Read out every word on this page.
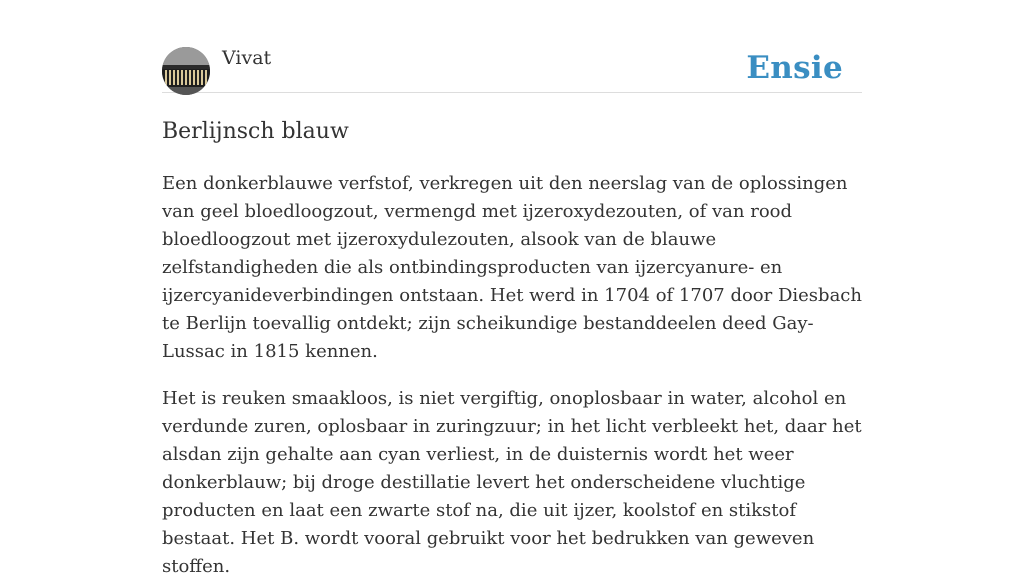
Vivat	Ensie
Berlijnsch blauw

Een donkerblauwe verfstof, verkregen uit den neerslag van de oplossingen van geel bloedloogzout, vermengd met ijzeroxydezouten, of van rood bloedloogzout met ijzeroxydulezouten, alsook van de blauwe zelfstandigheden die als ontbindingsproducten van ijzercyanure- en ijzercyanideverbindingen ontstaan. Het werd in 1704 of 1707 door Diesbach te Berlijn toevallig ontdekt; zijn scheikundige bestanddeelen deed Gay-Lussac in 1815 kennen.

Het is reuken smaakloos, is niet vergiftig, onoplosbaar in water, alcohol en verdunde zuren, oplosbaar in zuringzuur; in het licht verbleekt het, daar het alsdan zijn gehalte aan cyan verliest, in de duisternis wordt het weer donkerblauw; bij droge destillatie levert het onderscheidene vluchtige producten en laat een zwarte stof na, die uit ijzer, koolstof en stikstof bestaat. Het B. wordt vooral gebruikt voor het bedrukken van geweven stoffen.
